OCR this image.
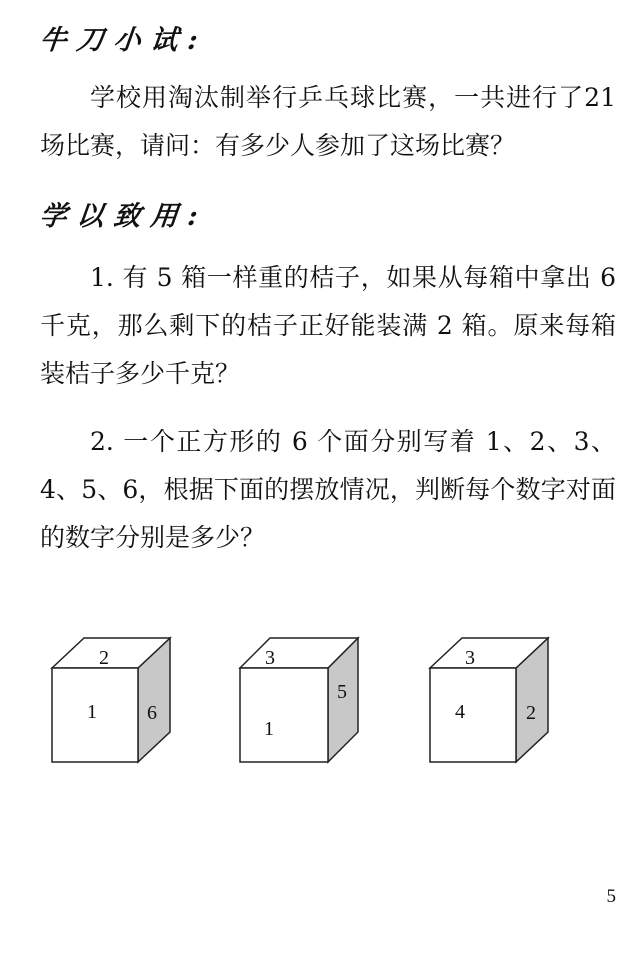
牛刀小试:

学校用淘汰制举行乒乓球比赛，一共进行了21场比赛，请问：有多少人参加了这场比赛？

学以致用:

1. 有 5 箱一样重的桔子，如果从每箱中拿出 6 千克，那么剩下的桔子正好能装满 2 箱。原来每箱装桔子多少千克？

2. 一个正方形的 6 个面分别写着 1、2、3、4、5、6，根据下面的摆放情况，判断每个数字对面的数字分别是多少？

2
1	6
3
1
5
3
4	2
5
